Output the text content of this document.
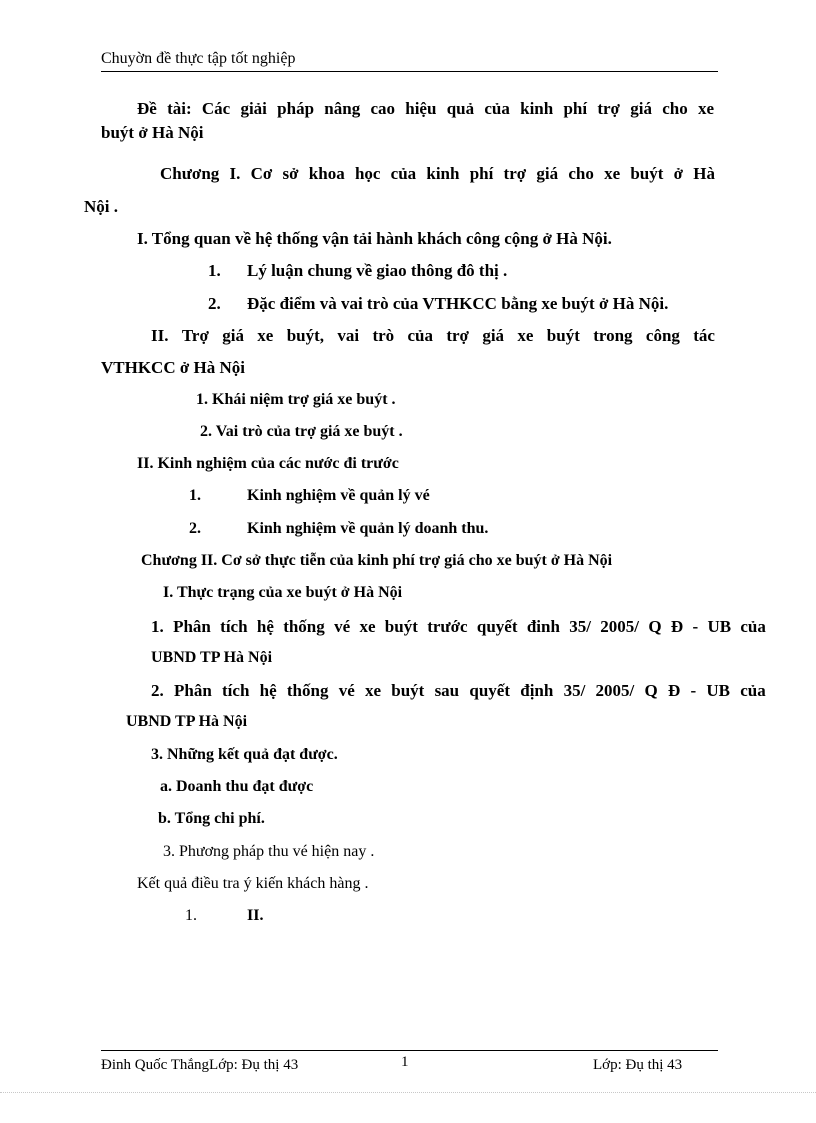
Chuyờn đề thực tập tốt nghiệp
Đề tài: Các giải pháp nâng cao hiệu quả của kinh phí trợ giá cho xe
buýt ở Hà Nội
Chương I. Cơ sở khoa học của kinh phí trợ giá cho xe buýt ở Hà
Nội .
I. Tổng quan về hệ thống vận tải hành khách công cộng ở Hà Nội.
1. Lý luận chung về giao thông đô thị .
2. Đặc điểm và vai trò của VTHKCC bằng xe buýt ở Hà Nội.
II. Trợ giá xe buýt, vai trò của trợ giá xe buýt trong công tác
VTHKCC ở Hà Nội
1. Khái niệm trợ giá xe buýt .
2. Vai trò của trợ giá xe buýt .
II. Kinh nghiệm của các nước đi trước
1.	Kinh nghiệm về quản lý vé
2.	Kinh nghiệm về quản lý doanh thu.
Chương II. Cơ sở thực tiễn của kinh phí trợ giá cho xe buýt ở Hà Nội
I. Thực trạng của xe buýt ở Hà Nội
1. Phân tích hệ thống vé xe buýt trước quyết đinh 35/ 2005/ Q Đ - UB của
UBND TP Hà Nội
2. Phân tích hệ thống vé xe buýt sau quyết định 35/ 2005/ Q Đ - UB của
UBND TP Hà Nội
3. Những kết quả đạt được.
a. Doanh thu đạt được
b. Tổng chi phí.
3. Phương pháp thu vé hiện nay .
Kết quả điều tra ý kiến khách hàng .
1.	II.
Đinh Quốc ThắngLớp: Đụ thị 43	1	Lớp: Đụ thị 43
